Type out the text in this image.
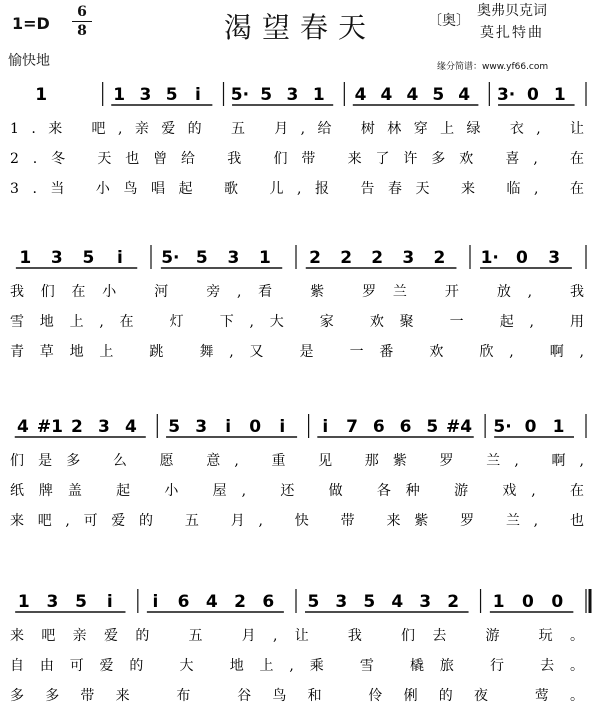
1=D
6
8	渴望春天	〔奥〕
奥弗贝克词
莫扎特曲
缘分简谱：www.yf66.com
愉快地
1	1 3 5 i 5· 5 3 1 4 4 4 5 4 3· 0 1
1.来 吧,亲爱的 五 月,给 树林穿上绿 衣, 让
2.冬 天也曾给 我 们带 来了许多欢 喜, 在
3.当 小鸟唱起 歌 儿,报 告春天 来 临, 在
1 3 5 i 5· 5 3 1 2 2 2 3 2 1· 0 3
我们在小 河 旁,看 紫 罗兰 开 放, 我
雪地上,在 灯 下,大 家 欢聚 一 起, 用
青草地上 跳 舞,又 是 一番 欢 欣, 啊,
4 #1 2 3 4 5 3 i 0 i i 7 6 6 5 #4 5· 0 1
们是多 么 愿 意, 重 见 那紫 罗 兰, 啊,
纸牌盖 起 小 屋, 还 做 各种 游 戏, 在
来吧,可爱的 五 月, 快 带 来紫 罗 兰, 也
1 3 5 i i 6 4 2 6 5 3 5 4 3 2 1 0 0
来吧亲爱的 五 月,让 我 们去 游 玩。
自由可爱的 大 地上,乘 雪 橇旅 行 去。
多多带来 布 谷鸟和 伶俐的夜 莺。
